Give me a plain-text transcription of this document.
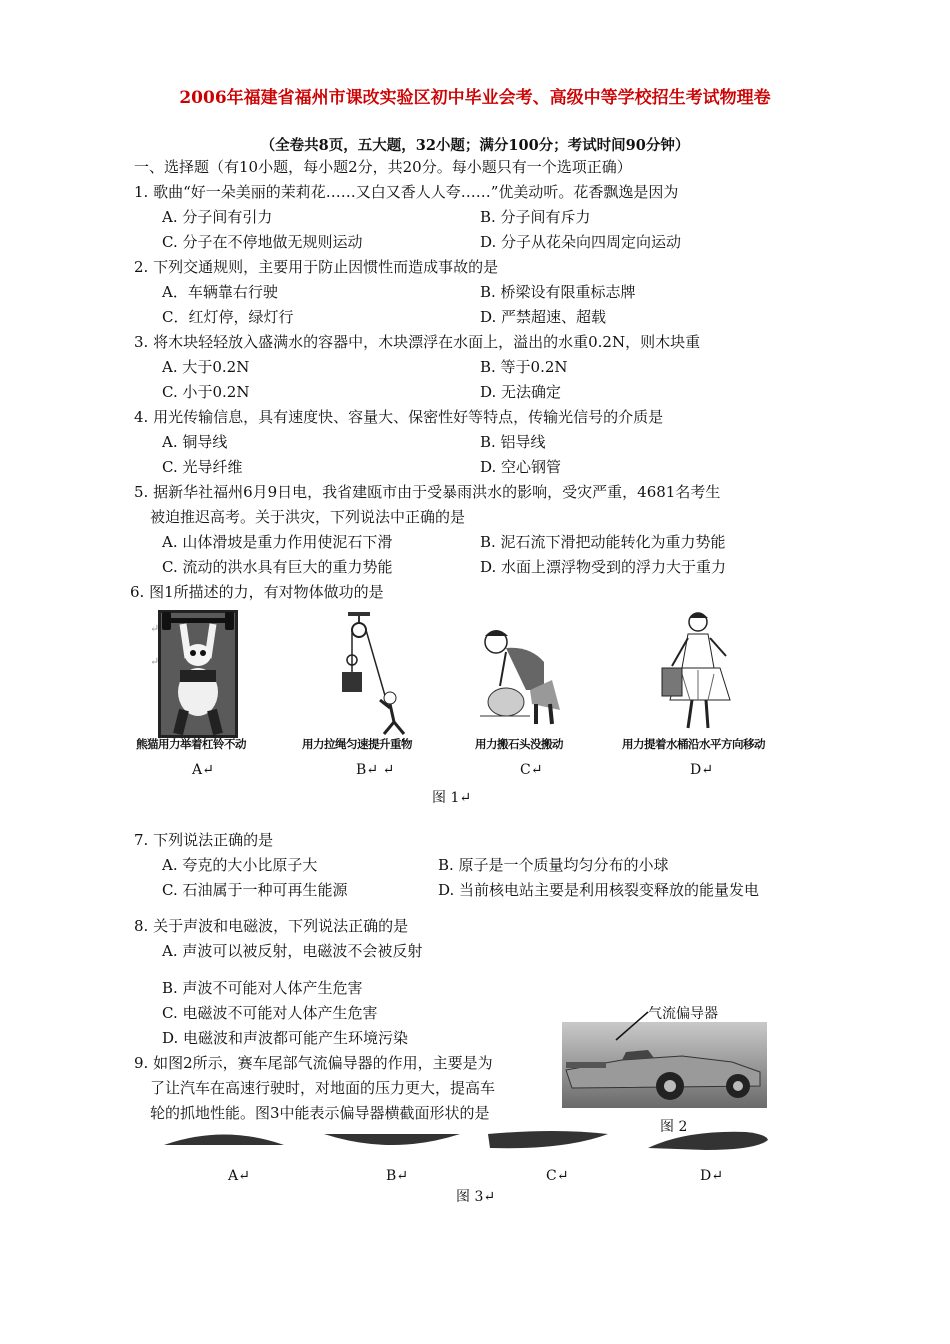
2006年福建省福州市课改实验区初中毕业会考、高级中等学校招生考试物理卷
（全卷共8页，五大题，32小题；满分100分；考试时间90分钟）
一、选择题（有10小题，每小题2分，共20分。每小题只有一个选项正确）
1. 歌曲“好一朵美丽的茉莉花……又白又香人人夸……”优美动听。花香飘逸是因为
A. 分子间有引力	B. 分子间有斥力
C. 分子在不停地做无规则运动	D. 分子从花朵向四周定向运动
2. 下列交通规则，主要用于防止因惯性而造成事故的是
A．车辆靠右行驶	B. 桥梁设有限重标志牌
C．红灯停，绿灯行	D. 严禁超速、超载
3. 将木块轻轻放入盛满水的容器中，木块漂浮在水面上，溢出的水重0.2N，则木块重
A. 大于0.2N	B. 等于0.2N
C. 小于0.2N	D. 无法确定
4. 用光传输信息，具有速度快、容量大、保密性好等特点，传输光信号的介质是
A. 铜导线	B. 铝导线
C. 光导纤维	D. 空心钢管
5. 据新华社福州6月9日电，我省建瓯市由于受暴雨洪水的影响，受灾严重，4681名考生
被迫推迟高考。关于洪灾，下列说法中正确的是
A. 山体滑坡是重力作用使泥石下滑	B. 泥石流下滑把动能转化为重力势能
C. 流动的洪水具有巨大的重力势能	D. 水面上漂浮物受到的浮力大于重力
6. 图1所描述的力，有对物体做功的是
↵
↵
熊猫用力举着杠铃不动	用力拉绳匀速提升重物	用力搬石头没搬动	用力提着水桶沿水平方向移动
A↵	B↵ ↵	C↵	D↵
图 1↵
7. 下列说法正确的是
A. 夸克的大小比原子大	B. 原子是一个质量均匀分布的小球
C. 石油属于一种可再生能源	D. 当前核电站主要是利用核裂变释放的能量发电
8. 关于声波和电磁波，下列说法正确的是
A. 声波可以被反射，电磁波不会被反射
B. 声波不可能对人体产生危害
C. 电磁波不可能对人体产生危害
D. 电磁波和声波都可能产生环境污染
9. 如图2所示，赛车尾部气流偏导器的作用，主要是为
了让汽车在高速行驶时，对地面的压力更大，提高车
轮的抓地性能。图3中能表示偏导器横截面形状的是
气流偏导器
图 2
A↵	B↵	C↵	D↵
图 3↵
